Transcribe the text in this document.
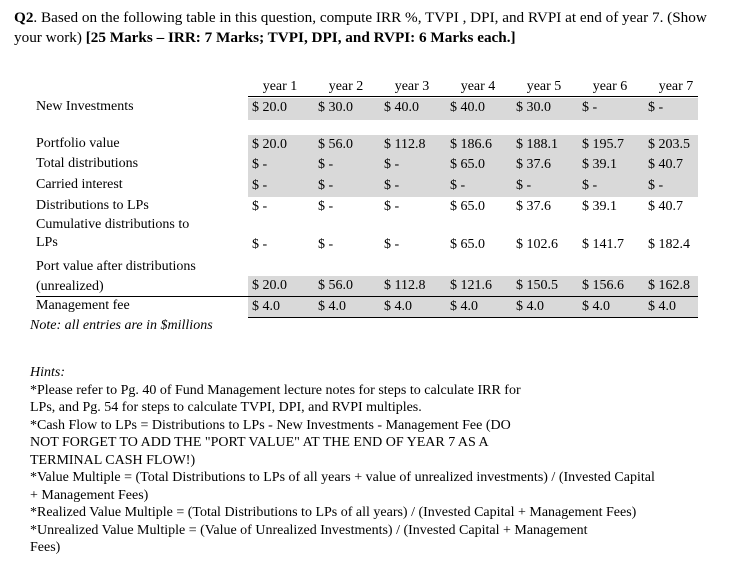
Q2. Based on the following table in this question, compute IRR %, TVPI , DPI, and RVPI at end of year 7. (Show your work) [25 Marks – IRR: 7 Marks; TVPI, DPI, and RVPI: 6 Marks each.]
year 1	year 2	year 3	year 4	year 5	year 6	year 7
New Investments	$ 20.0	$ 30.0	$ 40.0	$ 40.0	$ 30.0	$ -	$ -
Portfolio value	$ 20.0	$ 56.0	$ 112.8	$ 186.6	$ 188.1	$ 195.7	$ 203.5
Total distributions	$ -	$ -	$ -	$ 65.0	$ 37.6	$ 39.1	$ 40.7
Carried interest	$ -	$ -	$ -	$ -	$ -	$ -	$ -
Distributions to LPs	$ -	$ -	$ -	$ 65.0	$ 37.6	$ 39.1	$ 40.7
Cumulative distributions to
LPs	$ -	$ -	$ -	$ 65.0	$ 102.6	$ 141.7	$ 182.4
Port value after distributions
(unrealized)	$ 20.0	$ 56.0	$ 112.8	$ 121.6	$ 150.5	$ 156.6	$ 162.8
Management fee	$ 4.0	$ 4.0	$ 4.0	$ 4.0	$ 4.0	$ 4.0	$ 4.0
Note: all entries are in $millions
Hints:
*Please refer to Pg. 40 of Fund Management lecture notes for steps to calculate IRR for
LPs, and Pg. 54 for steps to calculate TVPI, DPI, and RVPI multiples.
*Cash Flow to LPs = Distributions to LPs - New Investments - Management Fee (DO
NOT FORGET TO ADD THE "PORT VALUE" AT THE END OF YEAR 7 AS A
TERMINAL CASH FLOW!)
*Value Multiple = (Total Distributions to LPs of all years + value of unrealized investments) / (Invested Capital
+ Management Fees)
*Realized Value Multiple = (Total Distributions to LPs of all years) / (Invested Capital + Management Fees)
*Unrealized Value Multiple = (Value of Unrealized Investments) / (Invested Capital + Management
Fees)
